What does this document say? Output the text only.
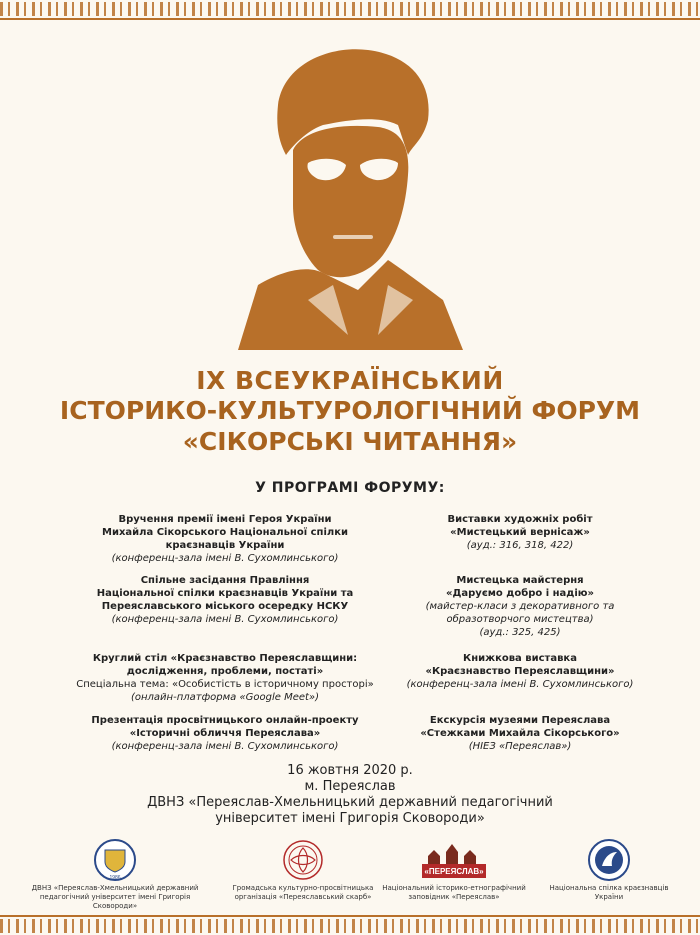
IX ВСЕУКРАЇНСЬКИЙ
ІСТОРИКО-КУЛЬТУРОЛОГІЧНИЙ ФОРУМ
«СІКОРСЬКІ ЧИТАННЯ»
У ПРОГРАМІ ФОРУМУ:
Вручення премії імені Героя України
Михайла Сікорського Національної спілки
краєзнавців України
(конференц-зала імені В. Сухомлинського)
Спільне засідання Правління
Національної спілки краєзнавців України та
Переяславського міського осередку НСКУ
(конференц-зала імені В. Сухомлинського)
Круглий стіл «Краєзнавство Переяславщини:
дослідження, проблеми, постаті»
Спеціальна тема: «Особистість в історичному просторі»
(онлайн-платформа «Google Meet»)
Презентація просвітницького онлайн-проекту
«Історичні обличчя Переяслава»
(конференц-зала імені В. Сухомлинського)
Виставки художніх робіт
«Мистецький вернісаж»
(ауд.: 316, 318, 422)
Мистецька майстерня
«Даруємо добро і надію»
(майстер-класи з декоративного та
образотворчого мистецтва)
(ауд.: 325, 425)
Книжкова виставка
«Краєзнавство Переяславщини»
(конференц-зала імені В. Сухомлинського)
Екскурсія музеями Переяслава
«Стежками Михайла Сікорського»
(НІЕЗ «Переяслав»)
16 жовтня 2020 р.
м. Переяслав
ДВНЗ «Переяслав-Хмельницький державний педагогічний
університет імені Григорія Сковороди»
1986
ДВНЗ «Переяслав-Хмельницький державний
педагогічний університет імені Григорія Сковороди»
Громадська культурно-просвітницька
організація «Переяславський скарб»
«ПЕРЕЯСЛАВ»
Національний історико-етнографічний
заповідник «Переяслав»
Національна спілка краєзнавців
України
